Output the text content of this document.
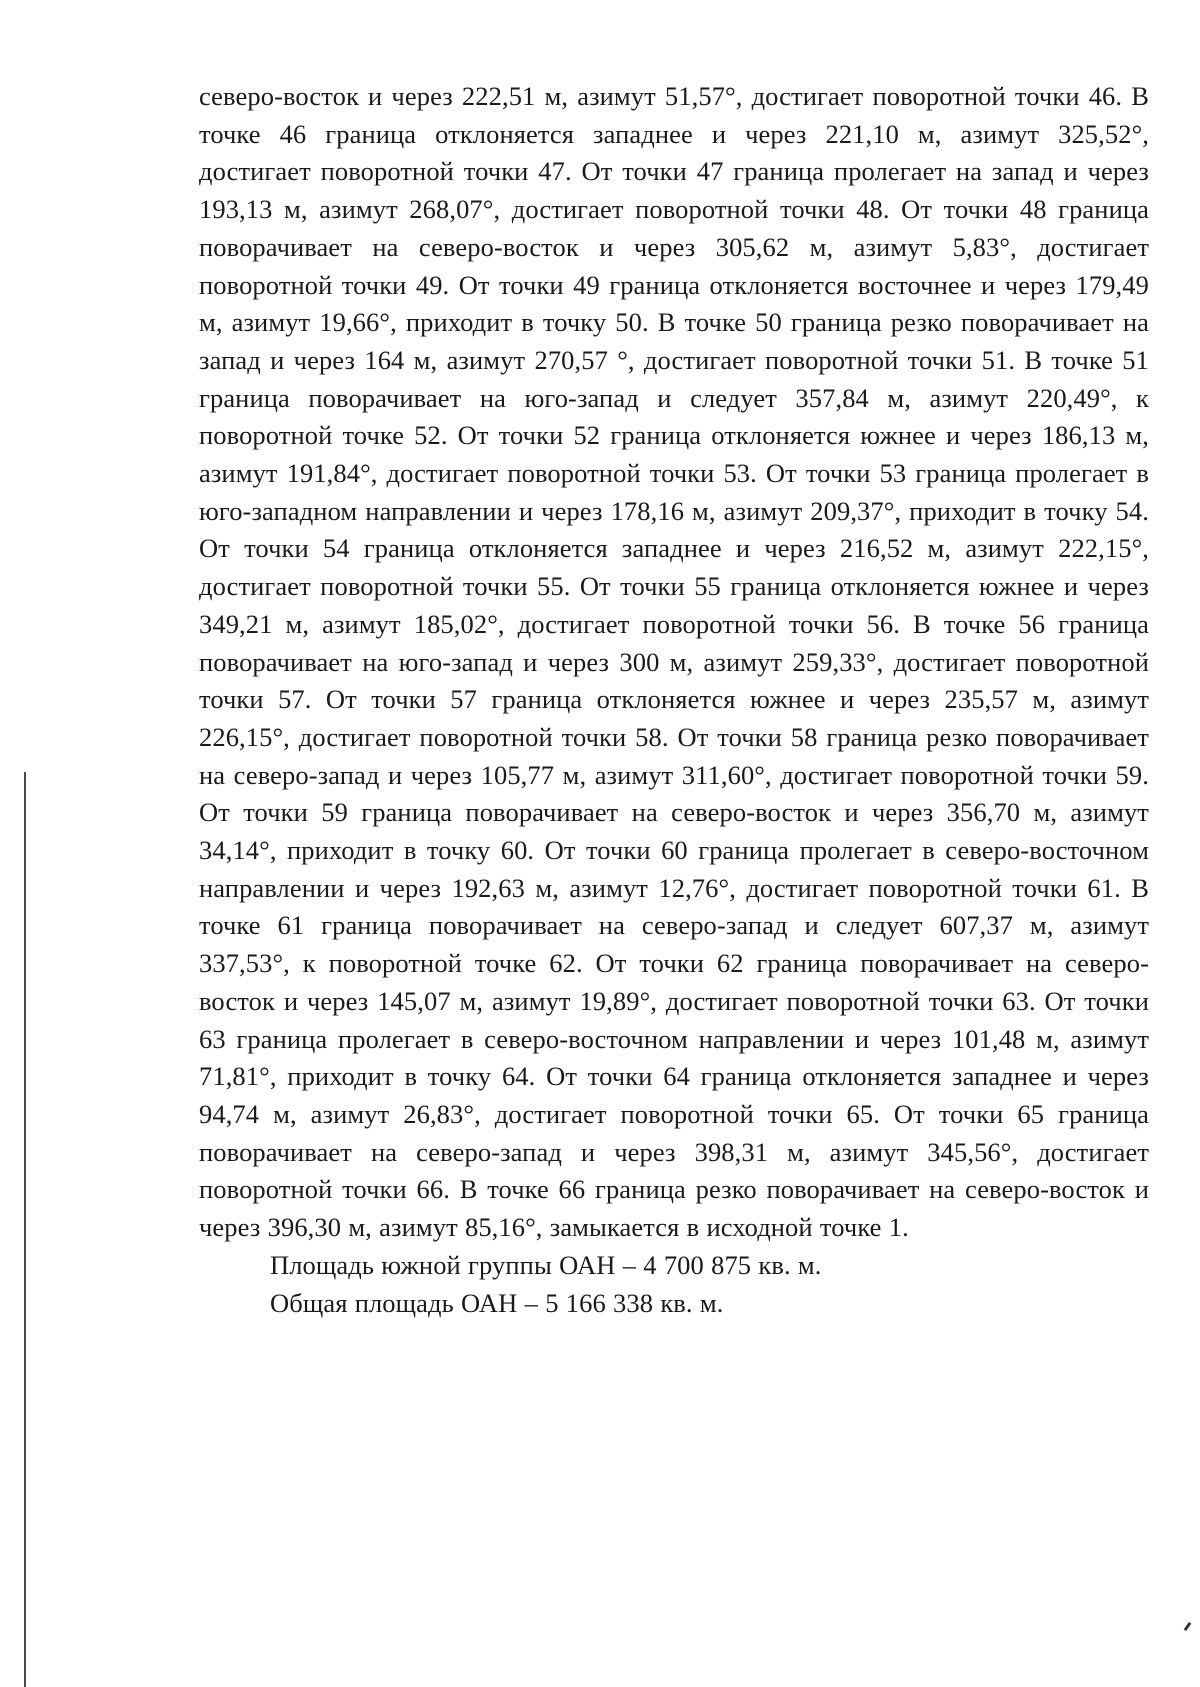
северо-восток и через 222,51 м, азимут 51,57°, достигает поворотной точки 46. В точке 46 граница отклоняется западнее и через 221,10 м, азимут 325,52°, достигает поворотной точки 47. От точки 47 граница пролегает на запад и через 193,13 м, азимут 268,07°, достигает поворотной точки 48. От точки 48 граница поворачивает на северо-восток и через 305,62 м, азимут 5,83°, достигает поворотной точки 49. От точки 49 граница отклоняется восточнее и через 179,49 м, азимут 19,66°, приходит в точку 50. В точке 50 граница резко поворачивает на запад и через 164 м, азимут 270,57 °, достигает поворотной точки 51. В точке 51 граница поворачивает на юго-запад и следует 357,84 м, азимут 220,49°, к поворотной точке 52. От точки 52 граница отклоняется южнее и через 186,13 м, азимут 191,84°, достигает поворотной точки 53. От точки 53 граница пролегает в юго-западном направлении и через 178,16 м, азимут 209,37°, приходит в точку 54. От точки 54 граница отклоняется западнее и через 216,52 м, азимут 222,15°, достигает поворотной точки 55. От точки 55 граница отклоняется южнее и через 349,21 м, азимут 185,02°, достигает поворотной точки 56. В точке 56 граница поворачивает на юго-запад и через 300 м, азимут 259,33°, достигает поворотной точки 57. От точки 57 граница отклоняется южнее и через 235,57 м, азимут 226,15°, достигает поворотной точки 58. От точки 58 граница резко поворачивает на северо-запад и через 105,77 м, азимут 311,60°, достигает поворотной точки 59. От точки 59 граница поворачивает на северо-восток и через 356,70 м, азимут 34,14°, приходит в точку 60. От точки 60 граница пролегает в северо-восточном направлении и через 192,63 м, азимут 12,76°, достигает поворотной точки 61. В точке 61 граница поворачивает на северо-запад и следует 607,37 м, азимут 337,53°, к поворотной точке 62. От точки 62 граница поворачивает на северо-восток и через 145,07 м, азимут 19,89°, достигает поворотной точки 63. От точки 63 граница пролегает в северо-восточном направлении и через 101,48 м, азимут 71,81°, приходит в точку 64. От точки 64 граница отклоняется западнее и через 94,74 м, азимут 26,83°, достигает поворотной точки 65. От точки 65 граница поворачивает на северо-запад и через 398,31 м, азимут 345,56°, достигает поворотной точки 66. В точке 66 граница резко поворачивает на северо-восток и через 396,30 м, азимут 85,16°, замыкается в исходной точке 1.

Площадь южной группы ОАН – 4 700 875 кв. м.

Общая площадь ОАН – 5 166 338 кв. м.
